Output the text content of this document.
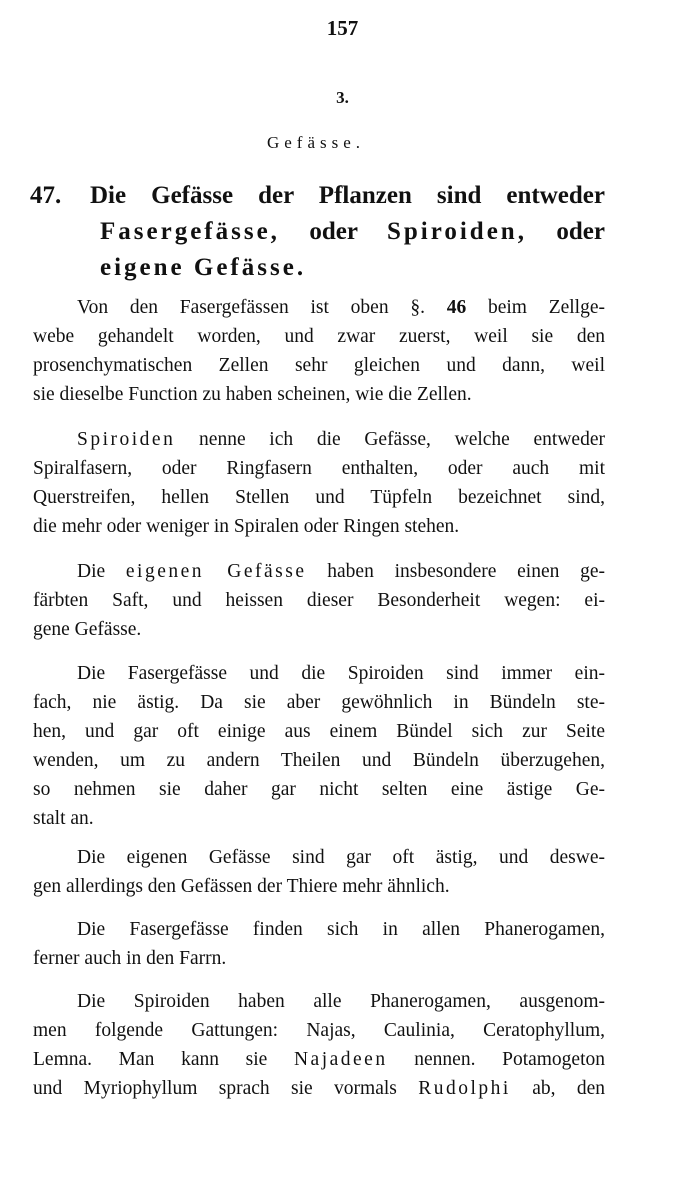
157
3.
Gefässe.
47. Die Gefässe der Pflanzen sind entweder
Fasergefässe, oder Spiroiden, oder
eigene Gefässe.
Von den Fasergefässen ist oben §. 46 beim Zellge-
webe gehandelt worden, und zwar zuerst, weil sie den
prosenchymatischen Zellen sehr gleichen und dann, weil
sie dieselbe Function zu haben scheinen, wie die Zellen.
Spiroiden nenne ich die Gefässe, welche entweder
Spiralfasern, oder Ringfasern enthalten, oder auch mit
Querstreifen, hellen Stellen und Tüpfeln bezeichnet sind,
die mehr oder weniger in Spiralen oder Ringen stehen.
Die eigenen Gefässe haben insbesondere einen ge-
färbten Saft, und heissen dieser Besonderheit wegen: ei-
gene Gefässe.
Die Fasergefässe und die Spiroiden sind immer ein-
fach, nie ästig. Da sie aber gewöhnlich in Bündeln ste-
hen, und gar oft einige aus einem Bündel sich zur Seite
wenden, um zu andern Theilen und Bündeln überzugehen,
so nehmen sie daher gar nicht selten eine ästige Ge-
stalt an.
Die eigenen Gefässe sind gar oft ästig, und deswe-
gen allerdings den Gefässen der Thiere mehr ähnlich.
Die Fasergefässe finden sich in allen Phanerogamen,
ferner auch in den Farrn.
Die Spiroiden haben alle Phanerogamen, ausgenom-
men folgende Gattungen: Najas, Caulinia, Ceratophyllum,
Lemna. Man kann sie Najadeen nennen. Potamogeton
und Myriophyllum sprach sie vormals Rudolphi ab, den
